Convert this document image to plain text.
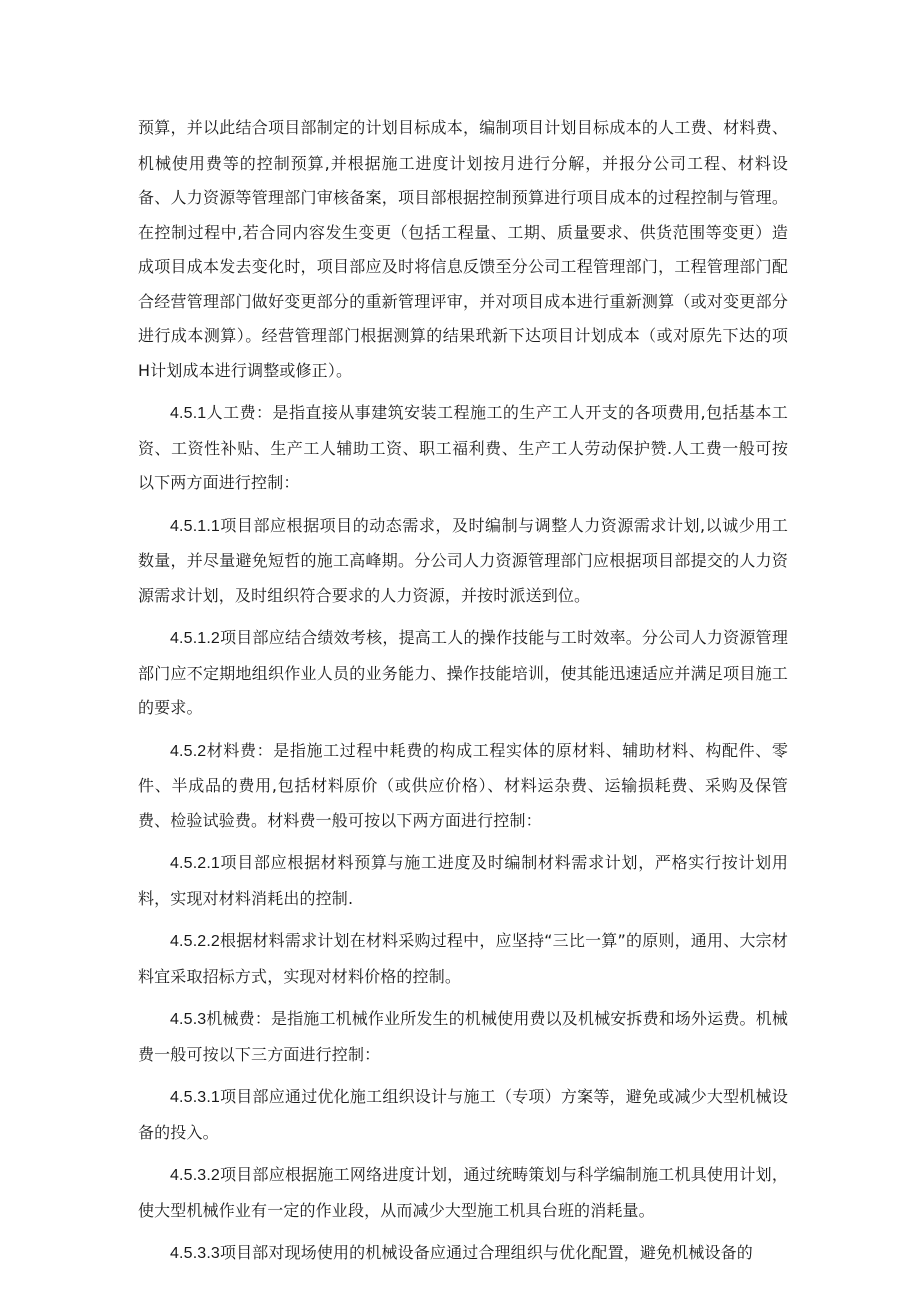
预算，并以此结合项目部制定的计划目标成本，编制项目计划目标成本的人工费、材料费、机械使用费等的控制预算,并根据施工进度计划按月进行分解，并报分公司工程、材料设备、人力资源等管理部门审核备案，项目部根据控制预算进行项目成本的过程控制与管理。在控制过程中,若合同内容发生变更（包括工程量、工期、质量要求、供货范围等变更）造成项目成本发去变化时，项目部应及时将信息反馈至分公司工程管理部门，工程管理部门配合经营管理部门做好变更部分的重新管理评审，并对项目成本进行重新测算（或对变更部分进行成本测算）。经营管理部门根据测算的结果玳新下达项目计划成本（或对原先下达的项H计划成本进行调整或修正）。

4.5.1人工费：是指直接从事建筑安装工程施工的生产工人开支的各项费用,包括基本工资、工资性补贴、生产工人辅助工资、职工福利费、生产工人劳动保护赞.人工费一般可按以下两方面进行控制：

4.5.1.1项目部应根据项目的动态需求，及时编制与调整人力资源需求计划,以诚少用工数量，并尽量避免短哲的施工高峰期。分公司人力资源管理部门应根据项目部提交的人力资源需求计划，及时组织符合要求的人力资源，并按时派送到位。

4.5.1.2项目部应结合绩效考核，提高工人的操作技能与工时效率。分公司人力资源管理部门应不定期地组织作业人员的业务能力、操作技能培训，使其能迅速适应并满足项目施工的要求。

4.5.2材料费：是指施工过程中耗费的构成工程实体的原材料、辅助材料、构配件、零件、半成品的费用,包括材料原价（或供应价格）、材料运杂费、运输损耗费、采购及保管费、检验试验费。材料费一般可按以下两方面进行控制：

4.5.2.1项目部应根据材料预算与施工进度及时编制材料需求计划，严格实行按计划用料，实现对材料消耗出的控制.

4.5.2.2根据材料需求计划在材料采购过程中，应坚持“三比一算”的原则，通用、大宗材料宜采取招标方式，实现对材料价格的控制。

4.5.3机械费：是指施工机械作业所发生的机械使用费以及机械安拆费和场外运费。机械费一般可按以下三方面进行控制：

4.5.3.1项目部应通过优化施工组织设计与施工（专项）方案等，避免或减少大型机械设备的投入。

4.5.3.2项目部应根据施工网络进度计划，通过统畴策划与科学编制施工机具使用计划，使大型机械作业有一定的作业段，从而减少大型施工机具台班的消耗量。

4.5.3.3项目部对现场使用的机械设备应通过合理组织与优化配置，避免机械设备的
